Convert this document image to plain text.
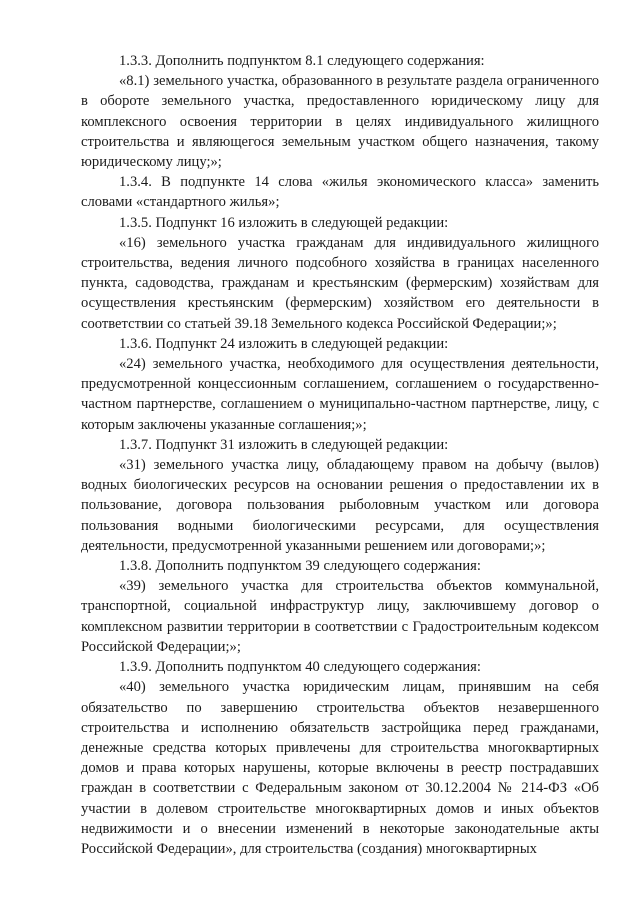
1.3.3. Дополнить подпунктом 8.1 следующего содержания:

«8.1) земельного участка, образованного в результате раздела ограниченного в обороте земельного участка, предоставленного юридическому лицу для комплексного освоения территории в целях индивидуального жилищного строительства и являющегося земельным участком общего назначения, такому юридическому лицу;»;

1.3.4. В подпункте 14 слова «жилья экономического класса» заменить словами «стандартного жилья»;

1.3.5. Подпункт 16 изложить в следующей редакции:

«16) земельного участка гражданам для индивидуального жилищного строительства, ведения личного подсобного хозяйства в границах населенного пункта, садоводства, гражданам и крестьянским (фермерским) хозяйствам для осуществления крестьянским (фермерским) хозяйством его деятельности в соответствии со статьей 39.18 Земельного кодекса Российской Федерации;»;

1.3.6. Подпункт 24 изложить в следующей редакции:

«24) земельного участка, необходимого для осуществления деятельности, предусмотренной концессионным соглашением, соглашением о государственно-частном партнерстве, соглашением о муниципально-частном партнерстве, лицу, с которым заключены указанные соглашения;»;

1.3.7. Подпункт 31 изложить в следующей редакции:

«31) земельного участка лицу, обладающему правом на добычу (вылов) водных биологических ресурсов на основании решения о предоставлении их в пользование, договора пользования рыболовным участком или договора пользования водными биологическими ресурсами, для осуществления деятельности, предусмотренной указанными решением или договорами;»;

1.3.8. Дополнить подпунктом 39 следующего содержания:

«39) земельного участка для строительства объектов коммунальной, транспортной, социальной инфраструктур лицу, заключившему договор о комплексном развитии территории в соответствии с Градостроительным кодексом Российской Федерации;»;

1.3.9. Дополнить подпунктом 40 следующего содержания:

«40) земельного участка юридическим лицам, принявшим на себя обязательство по завершению строительства объектов незавершенного строительства и исполнению обязательств застройщика перед гражданами, денежные средства которых привлечены для строительства многоквартирных домов и права которых нарушены, которые включены в реестр пострадавших граждан в соответствии с Федеральным законом от 30.12.2004 № 214-ФЗ «Об участии в долевом строительстве многоквартирных домов и иных объектов недвижимости и о внесении изменений в некоторые законодательные акты Российской Федерации», для строительства (создания) многоквартирных
